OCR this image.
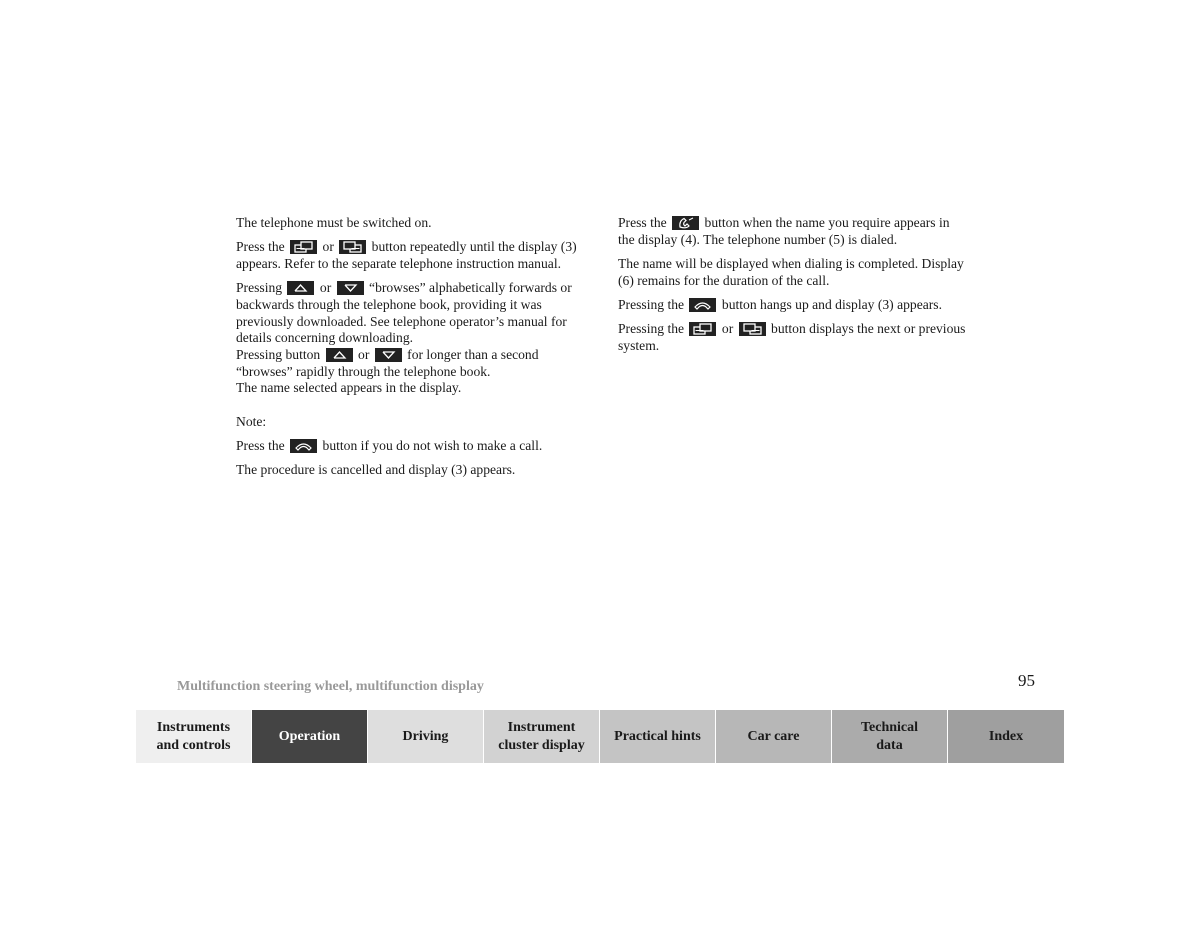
The telephone must be switched on.

Press the	or	button repeatedly until the display (3) appears. Refer to the separate telephone instruction manual.

Pressing	or	“browses” alphabetically forwards or backwards through the telephone book, providing it was previously downloaded. See telephone operator’s manual for details concerning downloading.
Pressing button	or	for longer than a second “browses” rapidly through the telephone book.
The name selected appears in the display.

Note:

Press the	button if you do not wish to make a call.

The procedure is cancelled and display (3) appears.

Press the	button when the name you require appears in the display (4). The telephone number (5) is dialed.

The name will be displayed when dialing is completed. Display (6) remains for the duration of the call.

Pressing the	button hangs up and display (3) appears.

Pressing the	or	button displays the next or previous system.

Multifunction steering wheel, multifunction display	95
Instruments
and controls
Operation	Driving
Instrument
cluster display
Practical hints	Car care
Technical
data
Index
